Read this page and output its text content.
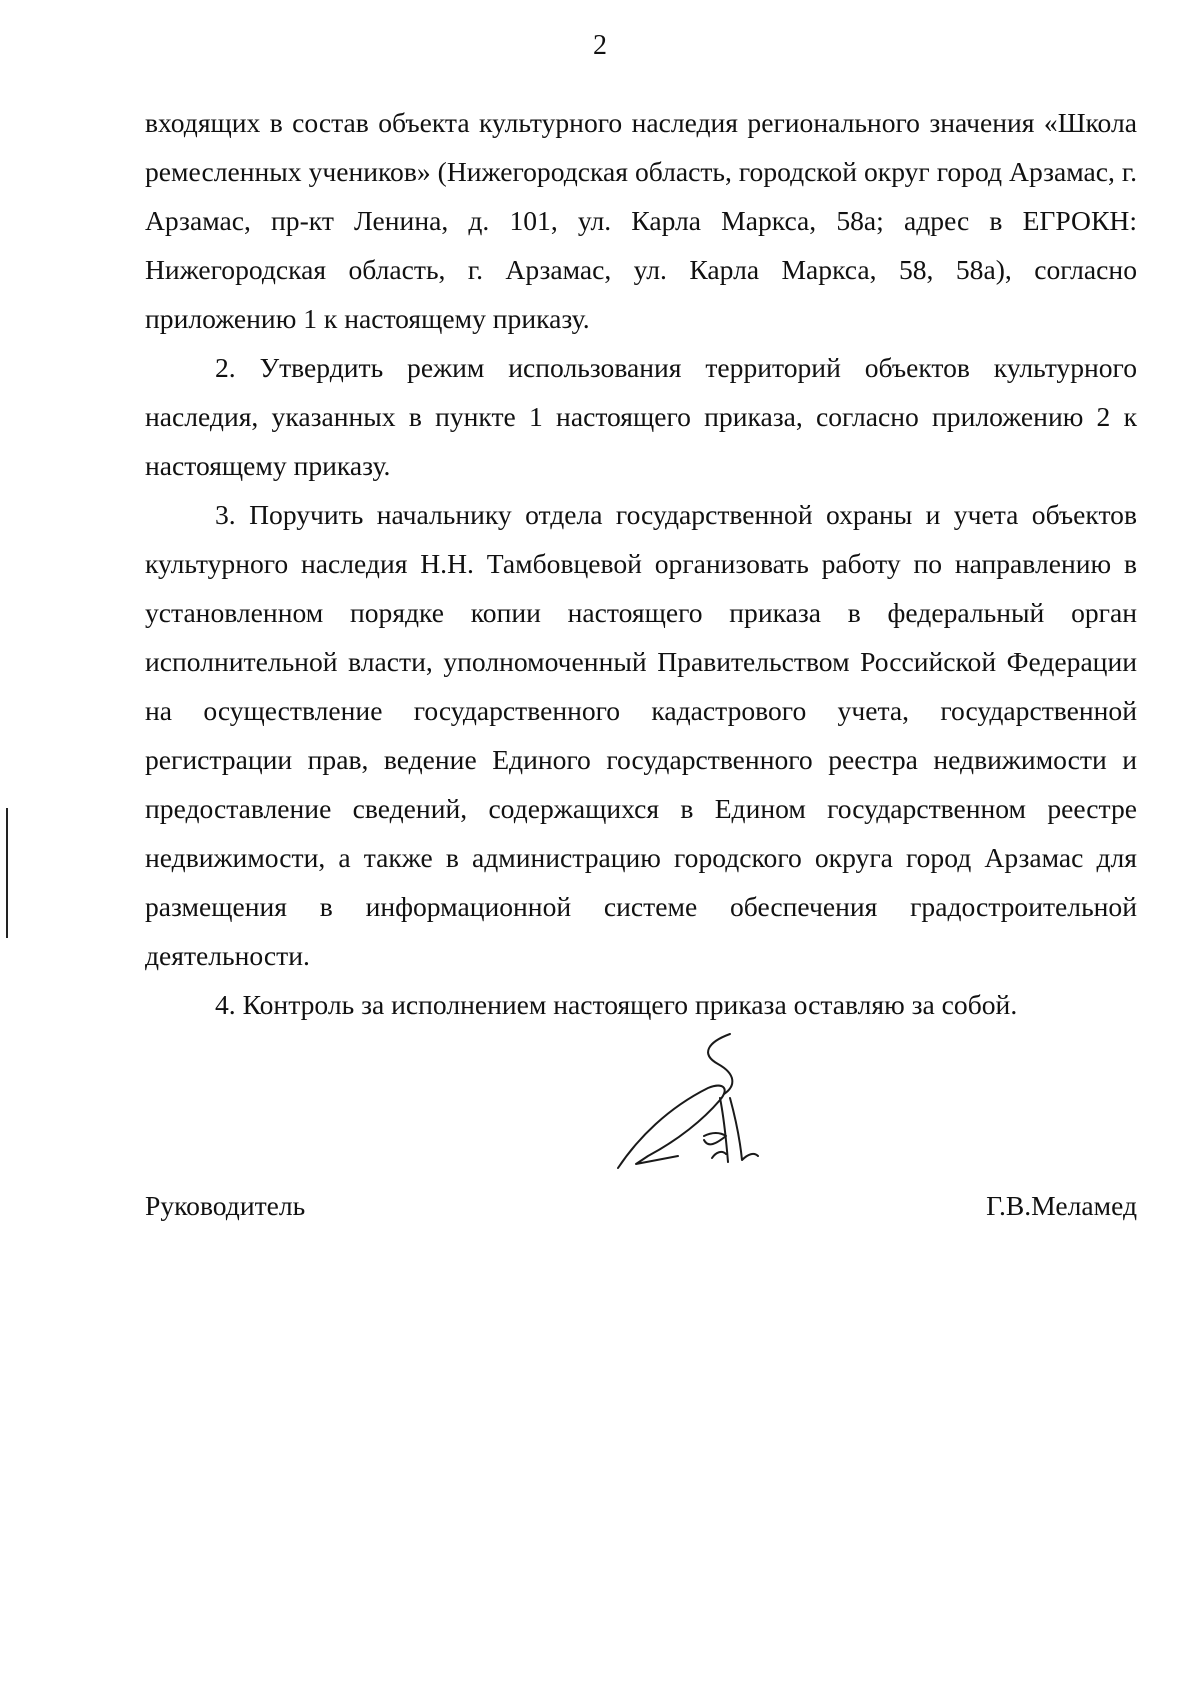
2

входящих в состав объекта культурного наследия регионального значения «Школа ремесленных учеников» (Нижегородская область, городской округ город Арзамас, г. Арзамас, пр-кт Ленина, д. 101, ул. Карла Маркса, 58а; адрес в ЕГРОКН: Нижегородская область, г. Арзамас, ул. Карла Маркса, 58, 58а), согласно приложению 1 к настоящему приказу.

2. Утвердить режим использования территорий объектов культурного наследия, указанных в пункте 1 настоящего приказа, согласно приложению 2 к настоящему приказу.

3. Поручить начальнику отдела государственной охраны и учета объектов культурного наследия Н.Н. Тамбовцевой организовать работу по направлению в установленном порядке копии настоящего приказа в федеральный орган исполнительной власти, уполномоченный Правительством Российской Федерации на осуществление государственного кадастрового учета, государственной регистрации прав, ведение Единого государственного реестра недвижимости и предоставление сведений, содержащихся в Едином государственном реестре недвижимости, а также в администрацию городского округа город Арзамас для размещения в информационной системе обеспечения градостроительной деятельности.

4. Контроль за исполнением настоящего приказа оставляю за собой.

Руководитель	Г.В.Меламед
